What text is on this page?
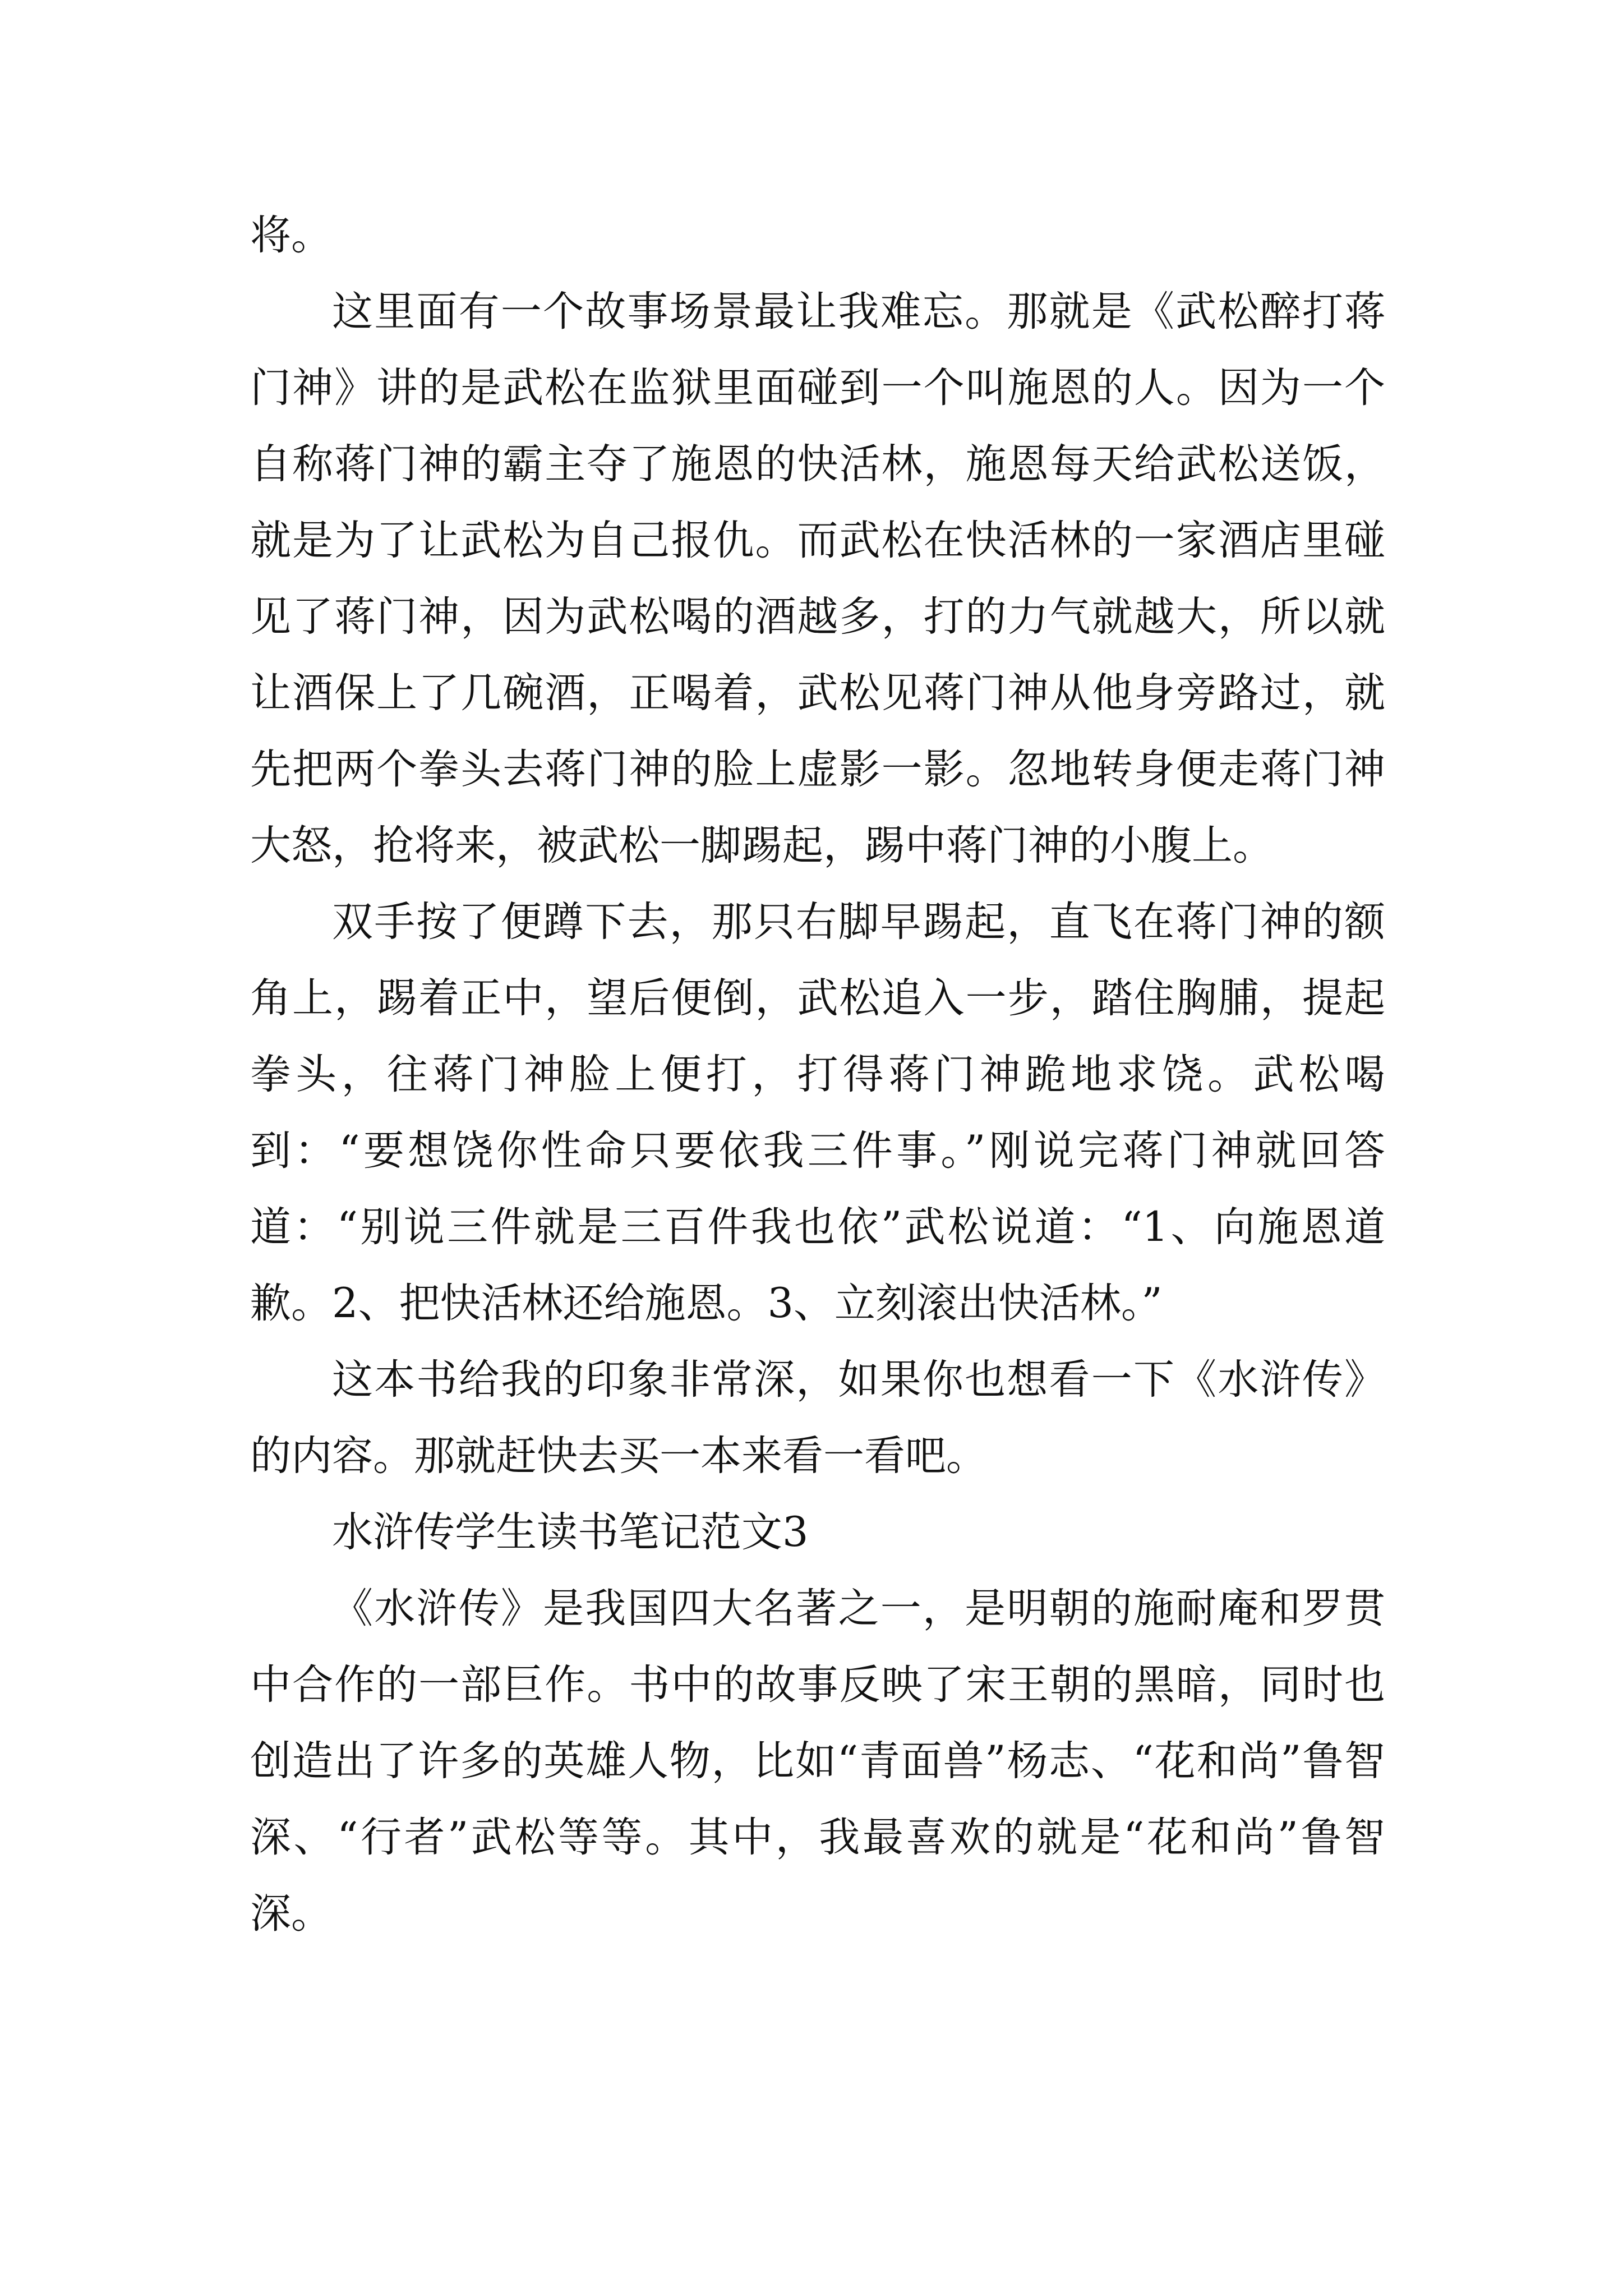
将。

这里面有一个故事场景最让我难忘。那就是《武松醉打蒋门神》讲的是武松在监狱里面碰到一个叫施恩的人。因为一个自称蒋门神的霸主夺了施恩的快活林，施恩每天给武松送饭，就是为了让武松为自己报仇。而武松在快活林的一家酒店里碰见了蒋门神，因为武松喝的酒越多，打的力气就越大，所以就让酒保上了几碗酒，正喝着，武松见蒋门神从他身旁路过，就先把两个拳头去蒋门神的脸上虚影一影。忽地转身便走蒋门神大怒，抢将来，被武松一脚踢起，踢中蒋门神的小腹上。

双手按了便蹲下去，那只右脚早踢起，直飞在蒋门神的额角上，踢着正中，望后便倒，武松追入一步，踏住胸脯，提起拳头，往蒋门神脸上便打，打得蒋门神跪地求饶。武松喝到：“要想饶你性命只要依我三件事。”刚说完蒋门神就回答道：“别说三件就是三百件我也依”武松说道：“1、向施恩道歉。2、把快活林还给施恩。3、立刻滚出快活林。”

这本书给我的印象非常深，如果你也想看一下《水浒传》的内容。那就赶快去买一本来看一看吧。

水浒传学生读书笔记范文3

《水浒传》是我国四大名著之一，是明朝的施耐庵和罗贯中合作的一部巨作。书中的故事反映了宋王朝的黑暗，同时也创造出了许多的英雄人物，比如“青面兽”杨志、“花和尚”鲁智深、“行者”武松等等。其中，我最喜欢的就是“花和尚”鲁智深。
